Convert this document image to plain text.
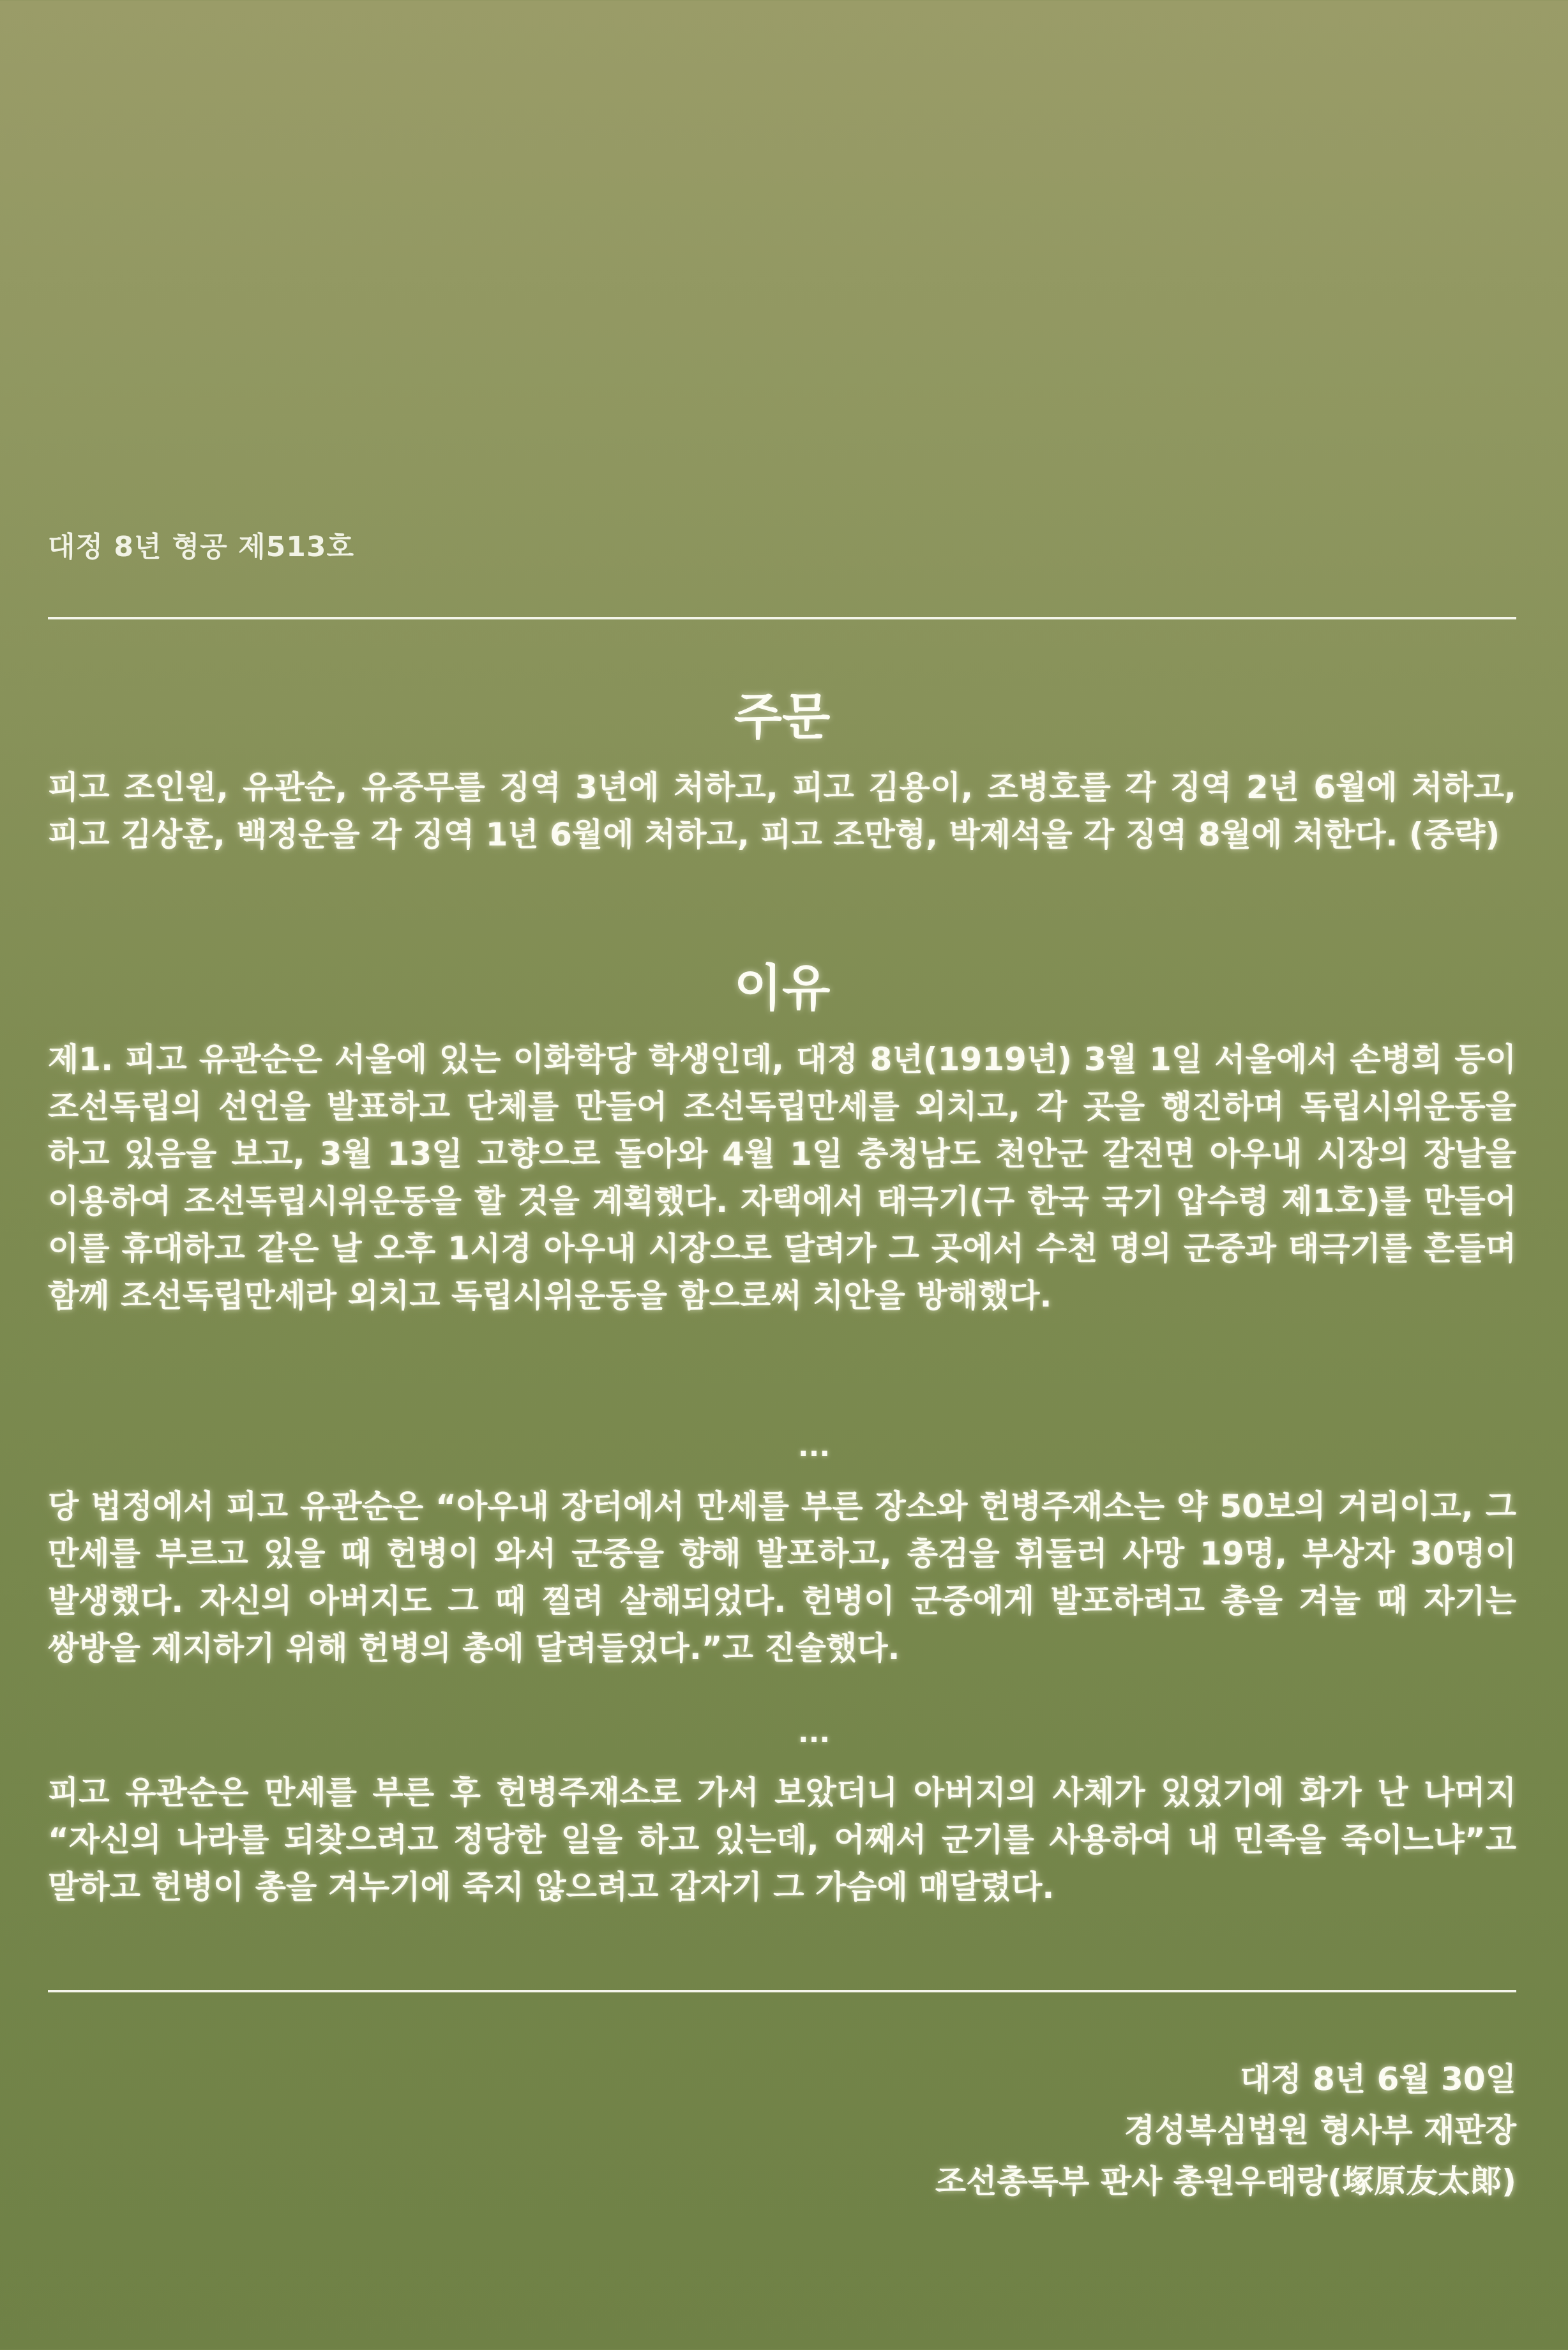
대정 8년 형공 제513호
주문
피고 조인원, 유관순, 유중무를 징역 3년에 처하고, 피고 김용이, 조병호를 각 징역 2년 6월에 처하고, 피고 김상훈, 백정운을 각 징역 1년 6월에 처하고, 피고 조만형, 박제석을 각 징역 8월에 처한다. (중략)
이유
제1. 피고 유관순은 서울에 있는 이화학당 학생인데, 대정 8년(1919년) 3월 1일 서울에서 손병희 등이 조선독립의 선언을 발표하고 단체를 만들어 조선독립만세를 외치고, 각 곳을 행진하며 독립시위운동을 하고 있음을 보고, 3월 13일 고향으로 돌아와 4월 1일 충청남도 천안군 갈전면 아우내 시장의 장날을 이용하여 조선독립시위운동을 할 것을 계획했다. 자택에서 태극기(구 한국 국기 압수령 제1호)를 만들어 이를 휴대하고 같은 날 오후 1시경 아우내 시장으로 달려가 그 곳에서 수천 명의 군중과 태극기를 흔들며 함께 조선독립만세라 외치고 독립시위운동을 함으로써 치안을 방해했다.
...
당 법정에서 피고 유관순은 “아우내 장터에서 만세를 부른 장소와 헌병주재소는 약 50보의 거리이고, 그 만세를 부르고 있을 때 헌병이 와서 군중을 향해 발포하고, 총검을 휘둘러 사망 19명, 부상자 30명이 발생했다. 자신의 아버지도 그 때 찔려 살해되었다. 헌병이 군중에게 발포하려고 총을 겨눌 때 자기는 쌍방을 제지하기 위해 헌병의 총에 달려들었다.”고 진술했다.
...
피고 유관순은 만세를 부른 후 헌병주재소로 가서 보았더니 아버지의 사체가 있었기에 화가 난 나머지 “자신의 나라를 되찾으려고 정당한 일을 하고 있는데, 어째서 군기를 사용하여 내 민족을 죽이느냐”고 말하고 헌병이 총을 겨누기에 죽지 않으려고 갑자기 그 가슴에 매달렸다.
대정 8년 6월 30일
경성복심법원 형사부 재판장
조선총독부 판사 총원우태랑(塚原友太郞)
